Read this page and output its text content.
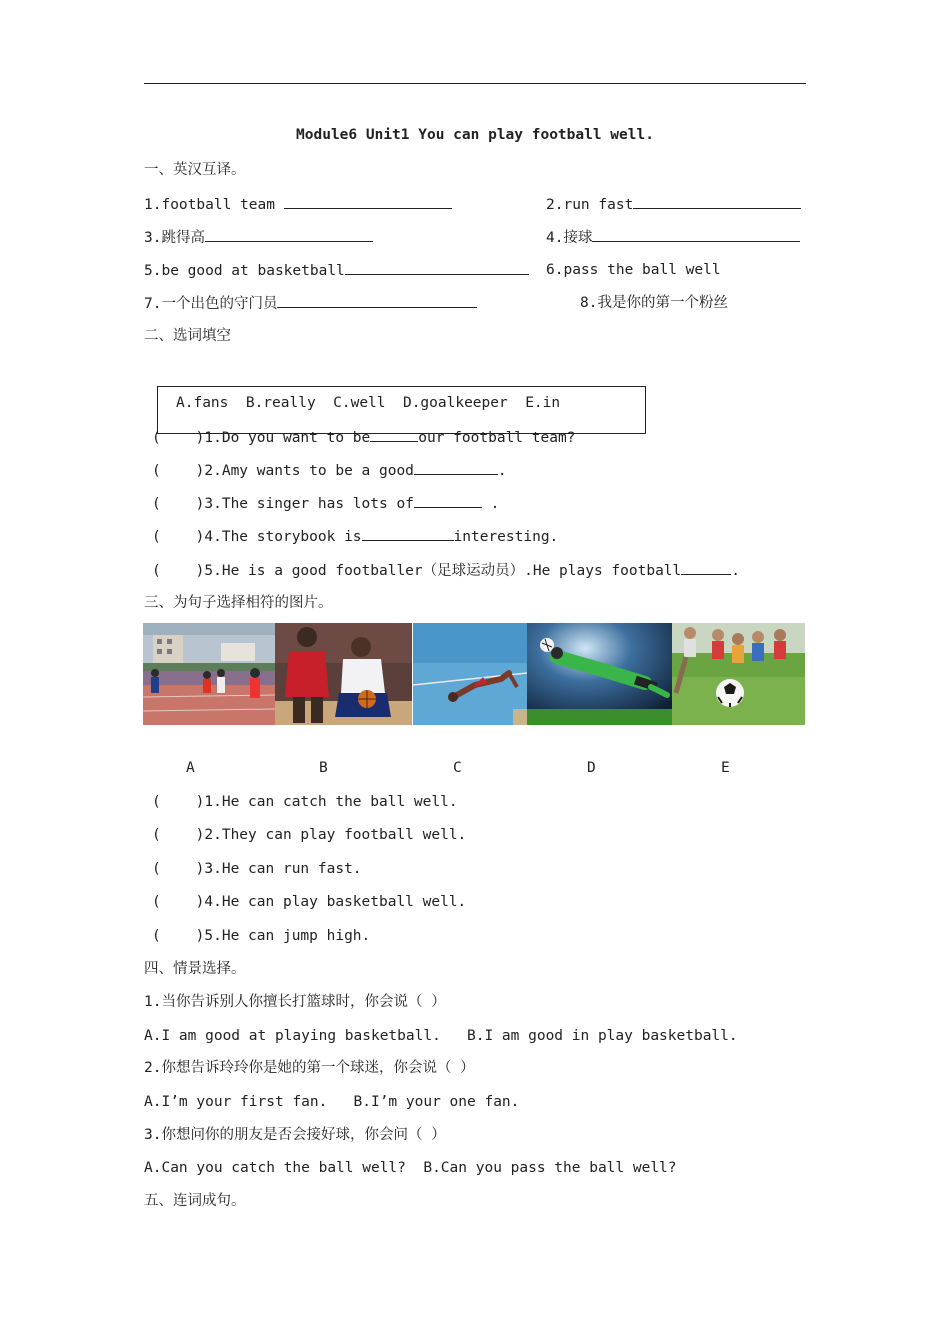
Module6 Unit1 You can play football well.
一、英汉互译。
1.football team	2.run fast
3.跳得高	4.接球
5.be good at basketball	6.pass the ball well
7.一个出色的守门员	8.我是你的第一个粉丝
二、选词填空
A.fans  B.really  C.well  D.goalkeeper  E.in
(    )1.Do you want to be	our football team?
(    )2.Amy wants to be a good	.
(    )3.The singer has lots of	.
(    )4.The storybook is	interesting.
(    )5.He is a good footballer（足球运动员）.He plays football	.
三、为句子选择相符的图片。
A	B	C	D	E
(    )1.He can catch the ball well.
(    )2.They can play football well.
(    )3.He can run fast.
(    )4.He can play basketball well.
(    )5.He can jump high.
四、情景选择。
1.当你告诉别人你擅长打篮球时，你会说（ ）
A.I am good at playing basketball.   B.I am good in play basketball.
2.你想告诉玲玲你是她的第一个球迷，你会说（ ）
A.I’m your first fan.   B.I’m your one fan.
3.你想问你的朋友是否会接好球，你会问（ ）
A.Can you catch the ball well?  B.Can you pass the ball well?
五、连词成句。
